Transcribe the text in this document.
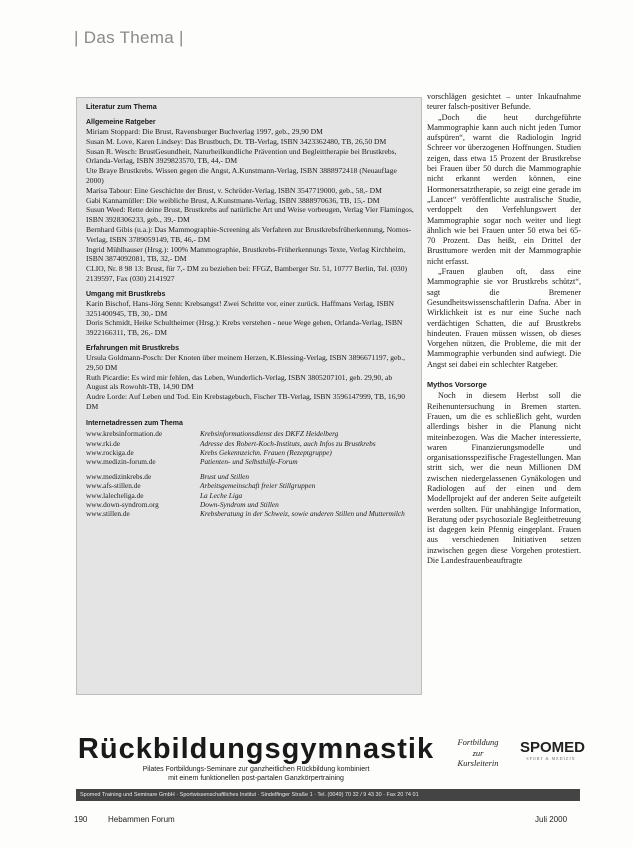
| Das Thema |
Literatur zum Thema
Allgemeine Ratgeber

Miriam Stoppard: Die Brust, Ravensburger Buchverlag 1997, geb., 29,90 DM

Susan M. Love, Karen Lindsey: Das Brustbuch, Dt. TB-Verlag, ISBN 3423362480, TB, 26,50 DM

Susan R. Wesch: BrustGesundheit, Naturheilkundliche Prävention und Begleittherapie bei Brustkrebs, Orlanda-Verlag, ISBN 3929823570, TB, 44,- DM

Ute Braye Brustkrebs. Wissen gegen die Angst, A.Kunstmann-Verlag, ISBN 3888972418 (Neuauflage 2000)

Marisa Tabour: Eine Geschichte der Brust, v. Schröder-Verlag, ISBN 3547719000, geb., 58,- DM

Gabi Kannamüller: Die weibliche Brust, A.Kunstmann-Verlag, ISBN 3888970636, TB, 15,- DM

Susun Weed: Rette deine Brust, Brustkrebs auf natürliche Art und Weise vorbeugen, Verlag Vier Flamingos, ISBN 3928306233, geb., 39,- DM

Bernhard Gibis (u.a.): Das Mammographie-Screening als Verfahren zur Brustkrebsfrüherkennung, Nomos-Verlag, ISBN 3789059149, TB, 46,- DM

Ingrid Mühlhauser (Hrsg.): 100% Mammographie, Brustkrebs-Früherkennungs Texte, Verlag Kirchheim, ISBN 3874092081, TB, 32,- DM

CLIO, Nr. 8 98 13: Brust, für 7,- DM zu beziehen bei: FFGZ, Bamberger Str. 51, 10777 Berlin, Tel. (030) 2139597, Fax (030) 2141927

Umgang mit Brustkrebs

Karin Bischof, Hans-Jörg Senn: Krebsangst! Zwei Schritte vor, einer zurück. Haffmans Verlag, ISBN 3251400945, TB, 30,- DM

Doris Schmidt, Heike Schultheimer (Hrsg.): Krebs verstehen - neue Wege gehen, Orlanda-Verlag, ISBN 3922166311, TB, 26,- DM

Erfahrungen mit Brustkrebs

Ursula Goldmann-Posch: Der Knoten über meinem Herzen, K.Blessing-Verlag, ISBN 3896671197, geb., 29,50 DM

Ruth Picardie: Es wird mir fehlen, das Leben, Wunderlich-Verlag, ISBN 3805207101, geb. 29,90, ab August als Rowohlt-TB, 14,90 DM

Audre Lorde: Auf Leben und Tod. Ein Krebstagebuch, Fischer TB-Verlag, ISBN 3596147999, TB, 16,90 DM

Internetadressen zum Thema
www.krebsinformation.de	Krebsinformationsdienst des DKFZ Heidelberg
www.rki.de	Adresse des Robert-Koch-Instituts, auch Infos zu Brustkrebs
www.rockiga.de	Krebs Gekennzeichn. Frauen (Rezeptgruppe)
www.medizin-forum.de	Patienten- und Selbsthilfe-Forum
www.medizinkrebs.de	Brust und Stillen
www.afs-stillen.de	Arbeitsgemeinschaft freier Stillgruppen
www.lalecheliga.de	La Leche Liga
www.down-syndrom.org	Down-Syndrom und Stillen
www.stillen.de	Krebsberatung in der Schweiz, sowie anderen Stillen und Muttermilch

vorschlägen gesichtet – unter Inkaufnahme teurer falsch-positiver Befunde.

„Doch die heut durchgeführte Mammographie kann auch nicht jeden Tumor aufspüren“, warnt die Radiologin Ingrid Schreer vor überzogenen Hoffnungen. Studien zeigen, dass etwa 15 Prozent der Brustkrebse bei Frauen über 50 durch die Mammographie nicht erkannt werden können, eine Hormonersatztherapie, so zeigt eine gerade im „Lancet“ veröffentlichte australische Studie, verdoppelt den Verfehlungswert der Mammographie sogar noch weiter und liegt ähnlich wie bei Frauen unter 50 etwa bei 65-70 Prozent. Das heißt, ein Drittel der Brusttumore werden mit der Mammographie nicht erfasst.

„Frauen glauben oft, dass eine Mammographie sie vor Brustkrebs schützt“, sagt die Bremener Gesundheitswissenschaftlerin Dafna. Aber in Wirklichkeit ist es nur eine Suche nach verdächtigen Schatten, die auf Brustkrebs hindeuten. Frauen müssen wissen, ob dieses Vorgehen nützen, die Probleme, die mit der Mammographie verbunden sind aufwiegt. Die Angst sei dabei ein schlechter Ratgeber.

Mythos Vorsorge

Noch in diesem Herbst soll die Reihenuntersuchung in Bremen starten. Frauen, um die es schließlich geht, wurden allerdings bisher in die Planung nicht miteinbezogen. Was die Macher interessierte, waren Finanzierungsmodelle und organisationsspezifische Fragestellungen. Man stritt sich, wer die neun Millionen DM zwischen niedergelassenen Gynäkologen und Radiologen auf der einen und dem Modellprojekt auf der anderen Seite aufgeteilt werden sollten. Für unabhängige Information, Beratung oder psychosoziale Begleitbetreuung ist dagegen kein Pfennig eingeplant. Frauen aus verschiedenen Initiativen setzen inzwischen gegen diese Vorgehen protestiert. Die Landesfrauenbeauftragte

Rückbildungsgymnastik
Pilates Fortbildungs-Seminare zur ganzheitlichen Rückbildung kombiniert
mit einem funktionellen post-partalen Ganzkörpertraining
Fortbildung
zur
Kursleiterin
SPOMED
SPORT & MEDIZIN
Spomed Training und Seminare GmbH · Sportwissenschaftliches Institut · Sindelfinger Straße 1 · Tel. (0049) 70 32 / 9 43 30 · Fax 20 74 01
190	Hebammen Forum	Juli 2000
